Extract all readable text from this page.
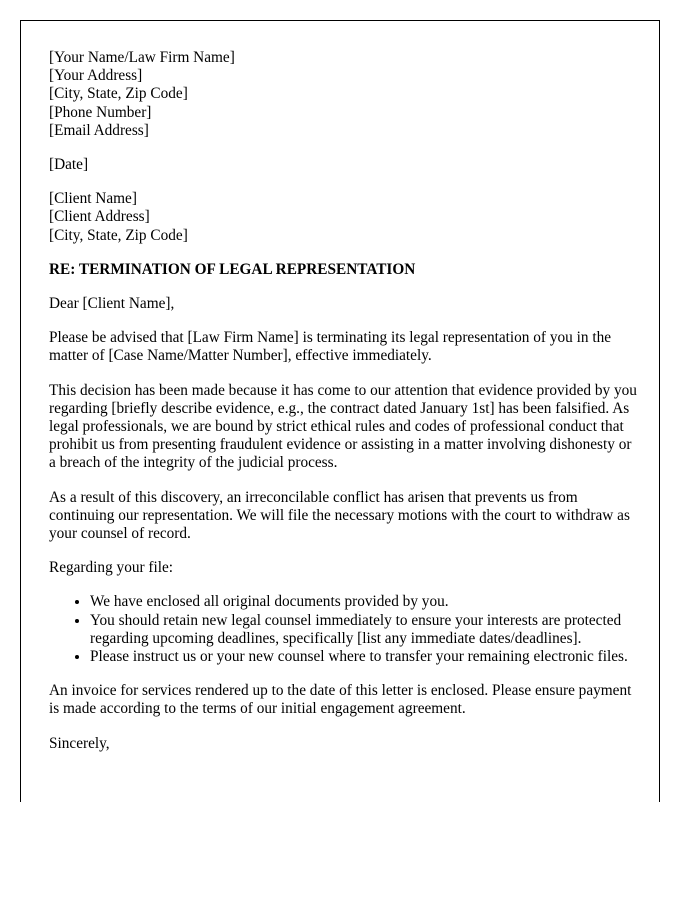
[Your Name/Law Firm Name]
[Your Address]
[City, State, Zip Code]
[Phone Number]
[Email Address]
[Date]
[Client Name]
[Client Address]
[City, State, Zip Code]
RE: TERMINATION OF LEGAL REPRESENTATION

Dear [Client Name],

Please be advised that [Law Firm Name] is terminating its legal representation of you in the matter of [Case Name/Matter Number], effective immediately.

This decision has been made because it has come to our attention that evidence provided by you regarding [briefly describe evidence, e.g., the contract dated January 1st] has been falsified. As legal professionals, we are bound by strict ethical rules and codes of professional conduct that prohibit us from presenting fraudulent evidence or assisting in a matter involving dishonesty or a breach of the integrity of the judicial process.

As a result of this discovery, an irreconcilable conflict has arisen that prevents us from continuing our representation. We will file the necessary motions with the court to withdraw as your counsel of record.

Regarding your file:

• We have enclosed all original documents provided by you.
• You should retain new legal counsel immediately to ensure your interests are protected regarding upcoming deadlines, specifically [list any immediate dates/deadlines].
• Please instruct us or your new counsel where to transfer your remaining electronic files.

An invoice for services rendered up to the date of this letter is enclosed. Please ensure payment is made according to the terms of our initial engagement agreement.

Sincerely,
